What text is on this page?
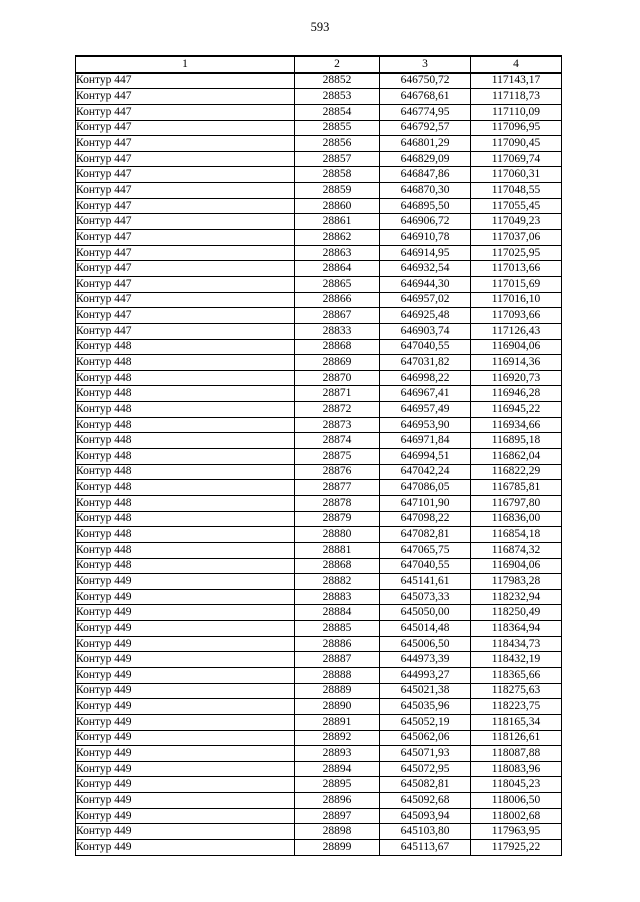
593
1	2	3	4
Контур 447	28852	646750,72	117143,17
Контур 447	28853	646768,61	117118,73
Контур 447	28854	646774,95	117110,09
Контур 447	28855	646792,57	117096,95
Контур 447	28856	646801,29	117090,45
Контур 447	28857	646829,09	117069,74
Контур 447	28858	646847,86	117060,31
Контур 447	28859	646870,30	117048,55
Контур 447	28860	646895,50	117055,45
Контур 447	28861	646906,72	117049,23
Контур 447	28862	646910,78	117037,06
Контур 447	28863	646914,95	117025,95
Контур 447	28864	646932,54	117013,66
Контур 447	28865	646944,30	117015,69
Контур 447	28866	646957,02	117016,10
Контур 447	28867	646925,48	117093,66
Контур 447	28833	646903,74	117126,43
Контур 448	28868	647040,55	116904,06
Контур 448	28869	647031,82	116914,36
Контур 448	28870	646998,22	116920,73
Контур 448	28871	646967,41	116946,28
Контур 448	28872	646957,49	116945,22
Контур 448	28873	646953,90	116934,66
Контур 448	28874	646971,84	116895,18
Контур 448	28875	646994,51	116862,04
Контур 448	28876	647042,24	116822,29
Контур 448	28877	647086,05	116785,81
Контур 448	28878	647101,90	116797,80
Контур 448	28879	647098,22	116836,00
Контур 448	28880	647082,81	116854,18
Контур 448	28881	647065,75	116874,32
Контур 448	28868	647040,55	116904,06
Контур 449	28882	645141,61	117983,28
Контур 449	28883	645073,33	118232,94
Контур 449	28884	645050,00	118250,49
Контур 449	28885	645014,48	118364,94
Контур 449	28886	645006,50	118434,73
Контур 449	28887	644973,39	118432,19
Контур 449	28888	644993,27	118365,66
Контур 449	28889	645021,38	118275,63
Контур 449	28890	645035,96	118223,75
Контур 449	28891	645052,19	118165,34
Контур 449	28892	645062,06	118126,61
Контур 449	28893	645071,93	118087,88
Контур 449	28894	645072,95	118083,96
Контур 449	28895	645082,81	118045,23
Контур 449	28896	645092,68	118006,50
Контур 449	28897	645093,94	118002,68
Контур 449	28898	645103,80	117963,95
Контур 449	28899	645113,67	117925,22
